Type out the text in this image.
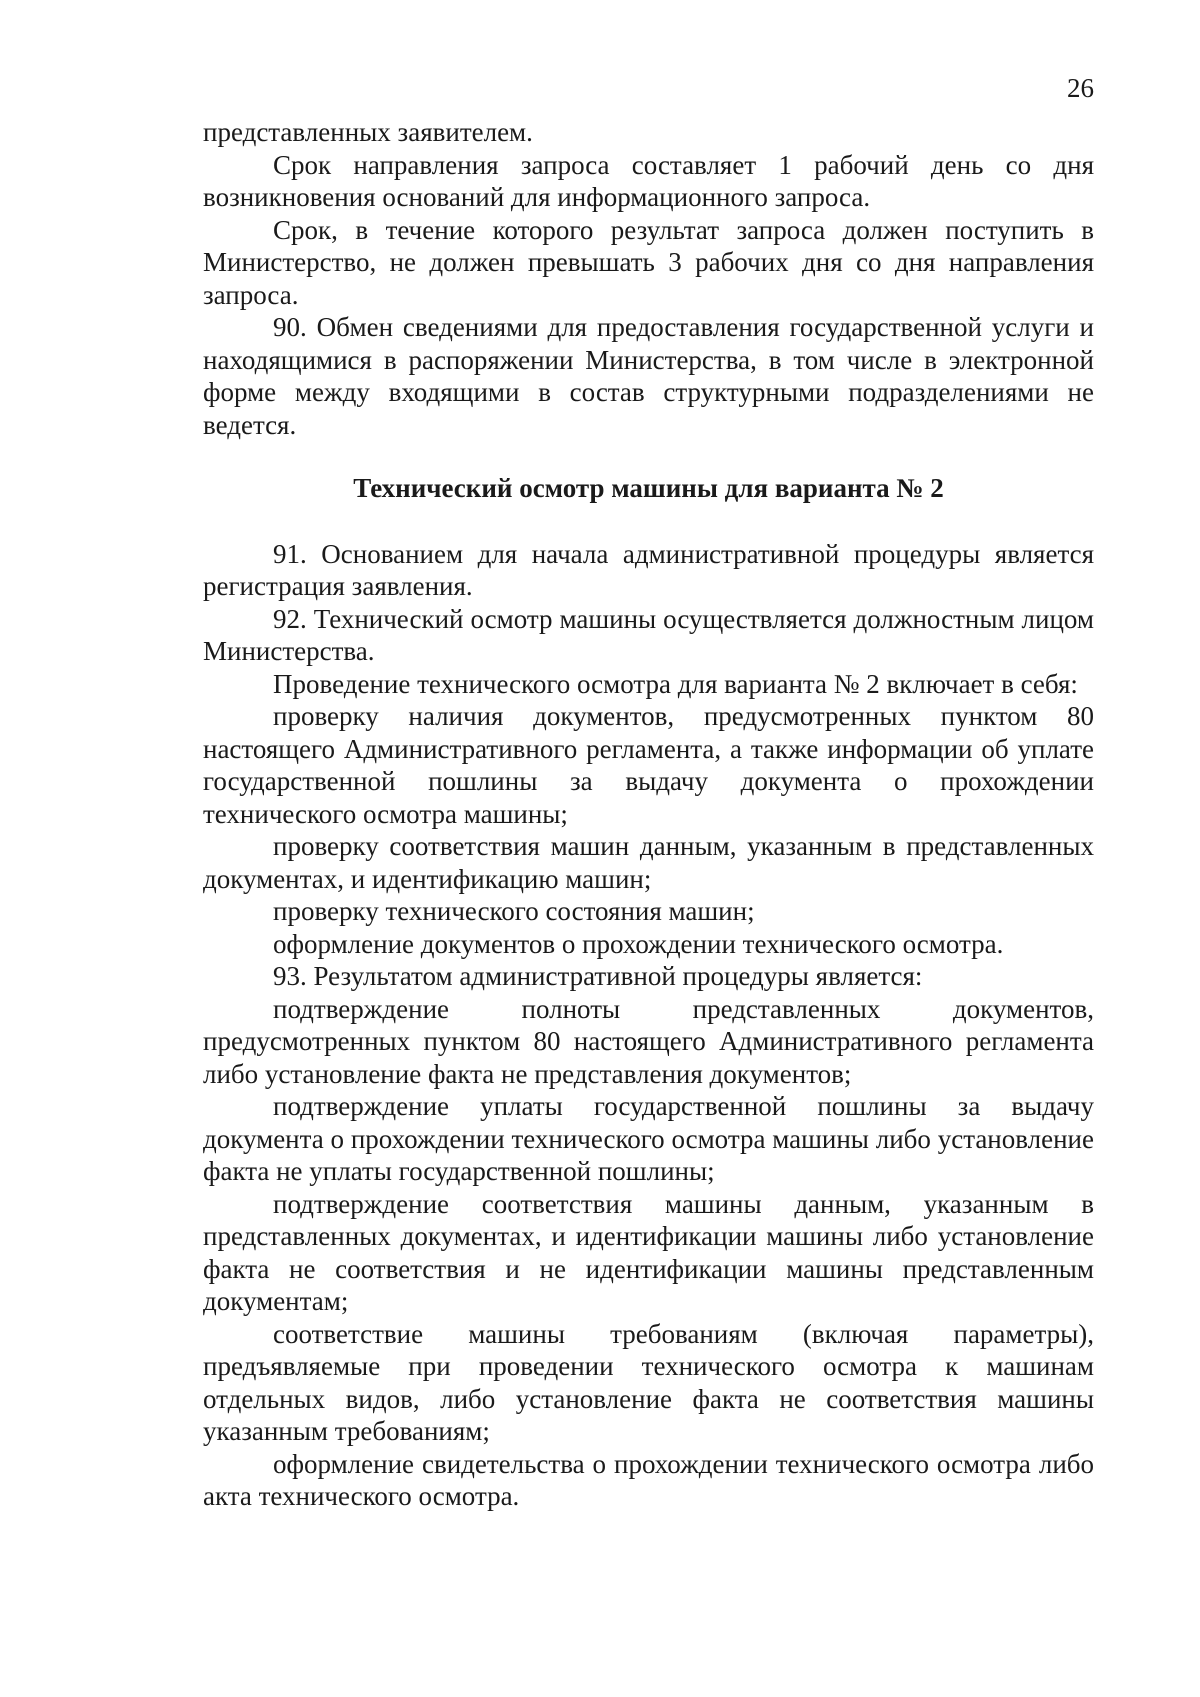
26

представленных заявителем.

Срок направления запроса составляет 1 рабочий день со дня возникновения оснований для информационного запроса.

Срок, в течение которого результат запроса должен поступить в Министерство, не должен превышать 3 рабочих дня со дня направления запроса.

90. Обмен сведениями для предоставления государственной услуги и находящимися в распоряжении Министерства, в том числе в электронной форме между входящими в состав структурными подразделениями не ведется.

Технический осмотр машины для варианта № 2

91. Основанием для начала административной процедуры является регистрация заявления.

92. Технический осмотр машины осуществляется должностным лицом Министерства.

Проведение технического осмотра для варианта № 2 включает в себя:

проверку наличия документов, предусмотренных пунктом 80 настоящего Административного регламента, а также информации об уплате государственной пошлины за выдачу документа о прохождении технического осмотра машины;

проверку соответствия машин данным, указанным в представленных документах, и идентификацию машин;

проверку технического состояния машин;

оформление документов о прохождении технического осмотра.

93. Результатом административной процедуры является:

подтверждение полноты представленных документов, предусмотренных пунктом 80 настоящего Административного регламента либо установление факта не представления документов;

подтверждение уплаты государственной пошлины за выдачу документа о прохождении технического осмотра машины либо установление факта не уплаты государственной пошлины;

подтверждение соответствия машины данным, указанным в представленных документах, и идентификации машины либо установление факта не соответствия и не идентификации машины представленным документам;

соответствие машины требованиям (включая параметры), предъявляемые при проведении технического осмотра к машинам отдельных видов, либо установление факта не соответствия машины указанным требованиям;

оформление свидетельства о прохождении технического осмотра либо акта технического осмотра.
